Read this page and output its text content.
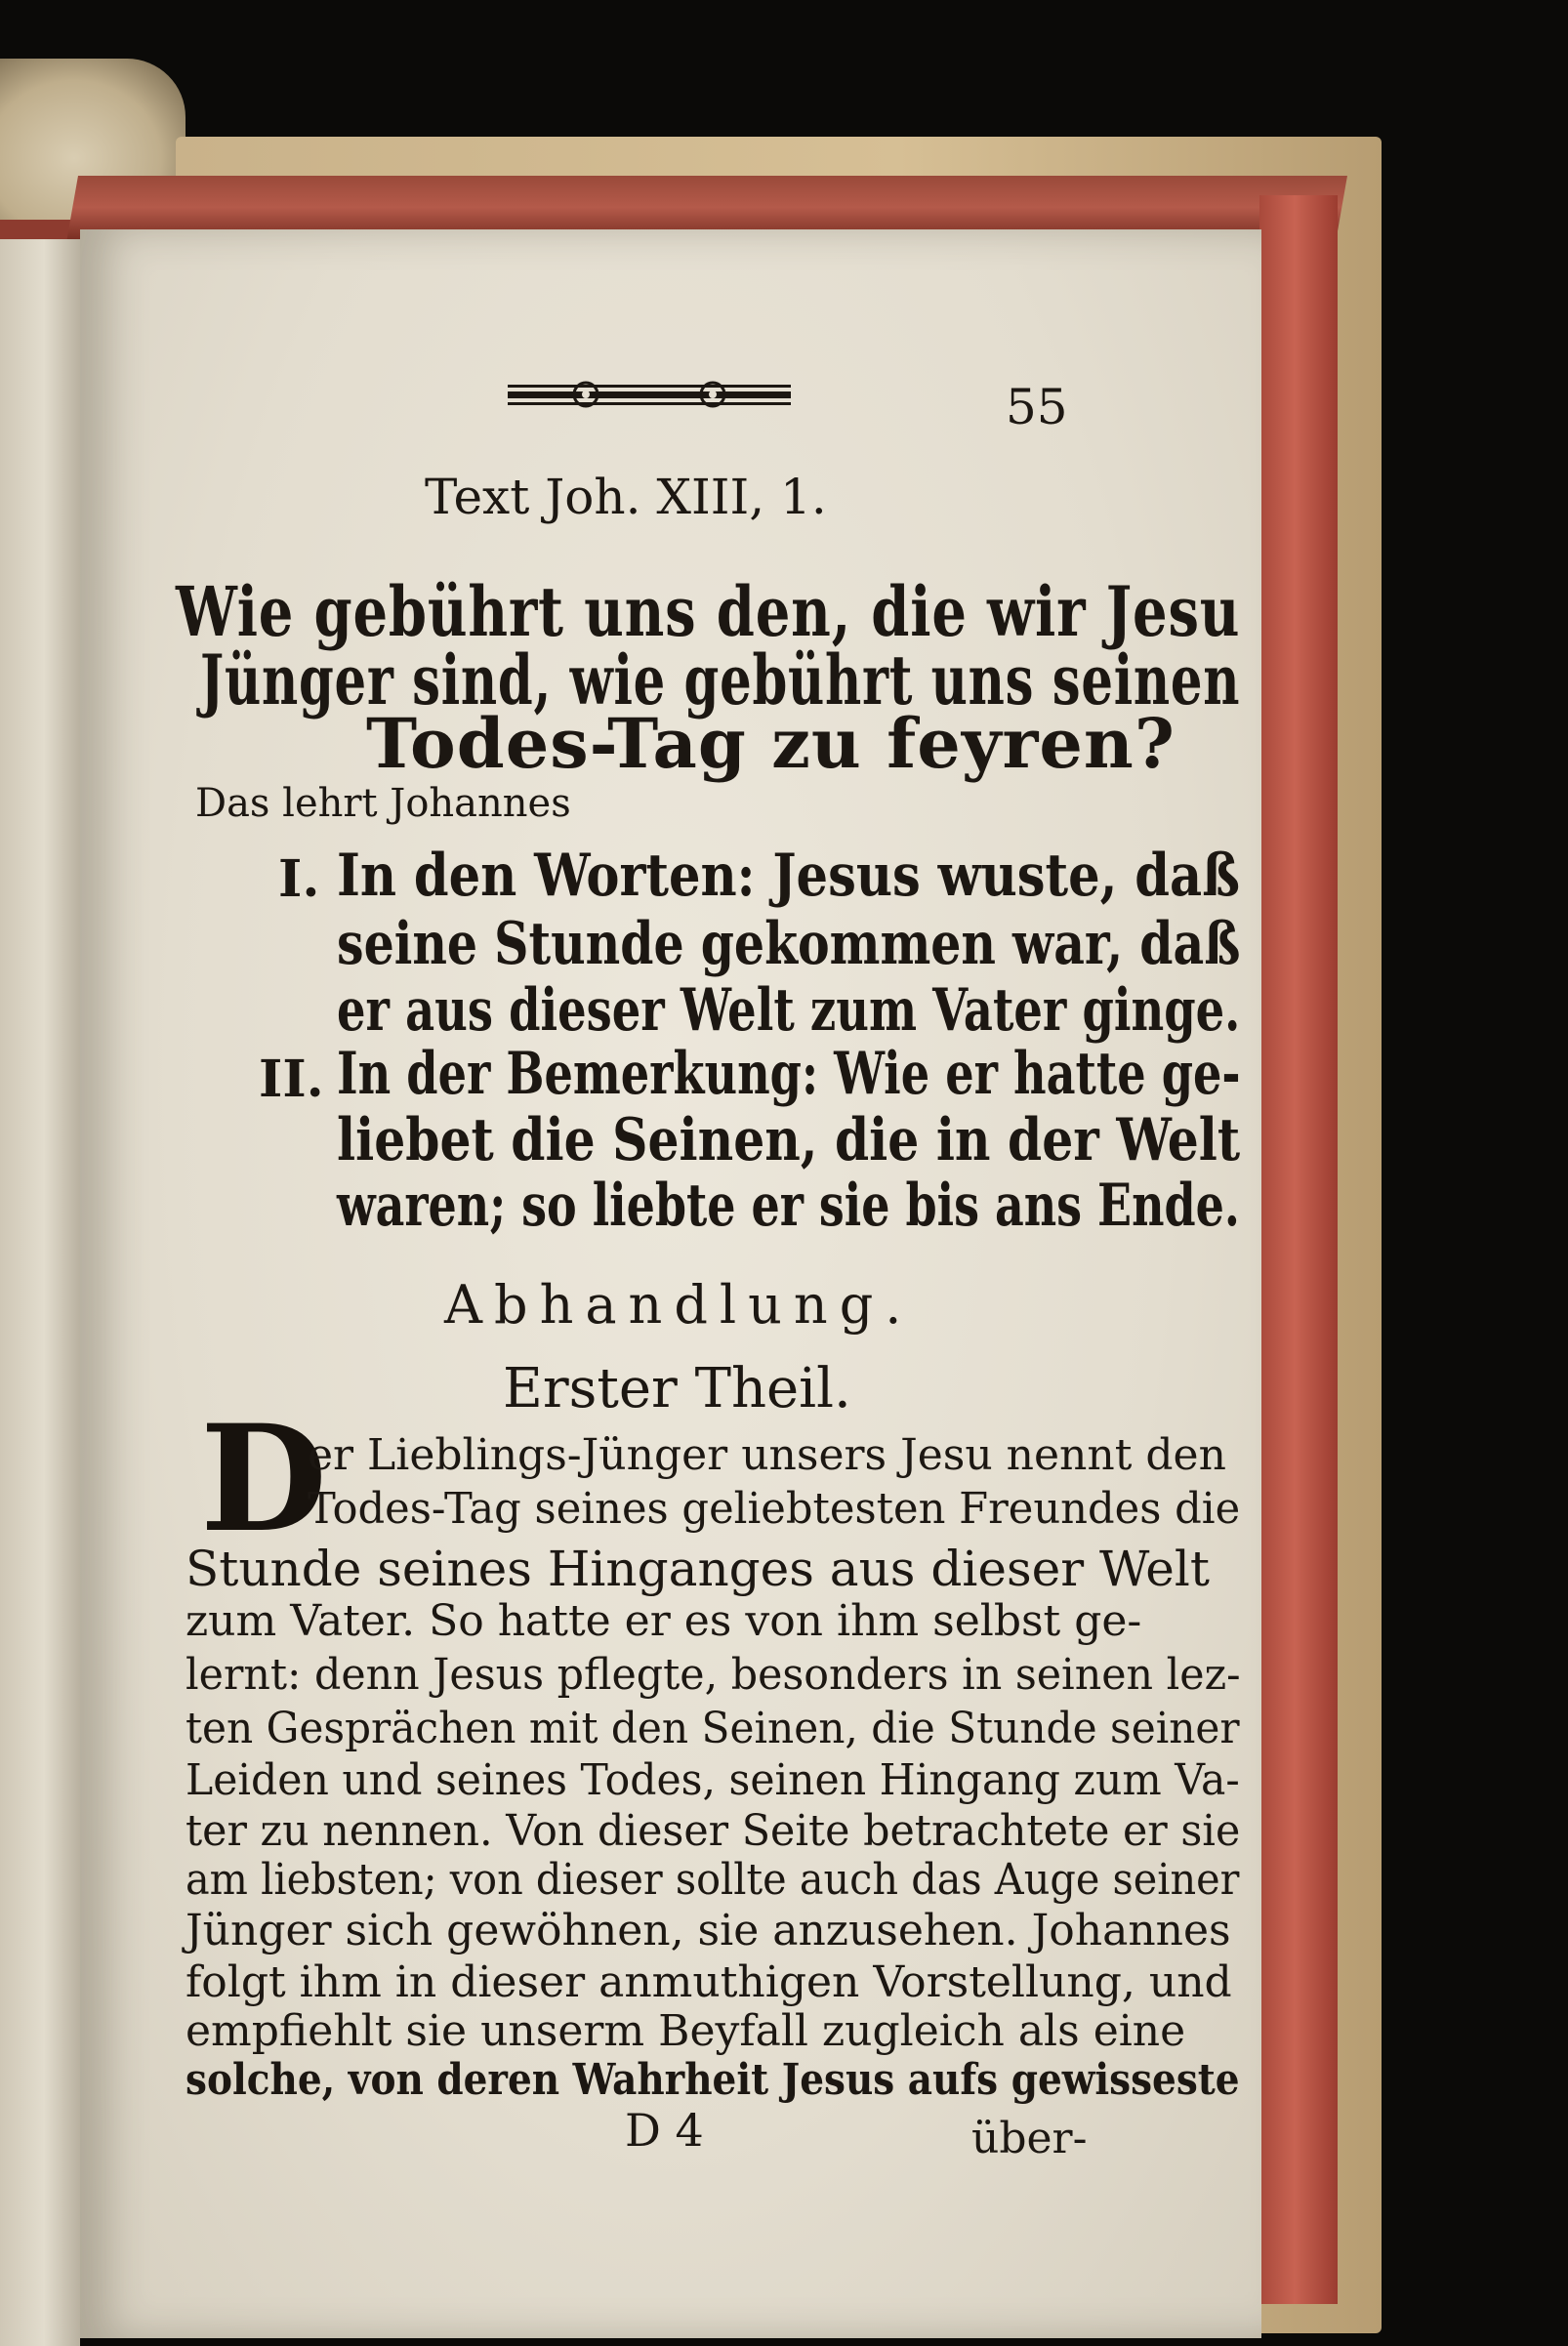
55
Text Joh. XIII, 1.
Wie gebührt uns den, die wir Jesu
Jünger sind, wie gebührt uns seinen
Todes-Tag zu feyren?
Das lehrt Johannes
I. In den Worten: Jesus wuste, daß
seine Stunde gekommen war, daß
er aus dieser Welt zum Vater ginge.
II. In der Bemerkung: Wie er hatte ge-
liebet die Seinen, die in der Welt
waren; so liebte er sie bis ans Ende.
Abhandlung.
Erster Theil.
D
er Lieblings-Jünger unsers Jesu nennt den
Todes-Tag seines geliebtesten Freundes die
Stunde seines Hinganges aus dieser Welt
zum Vater. So hatte er es von ihm selbst ge-
lernt: denn Jesus pflegte, besonders in seinen lez-
ten Gesprächen mit den Seinen, die Stunde seiner
Leiden und seines Todes, seinen Hingang zum Va-
ter zu nennen. Von dieser Seite betrachtete er sie
am liebsten; von dieser sollte auch das Auge seiner
Jünger sich gewöhnen, sie anzusehen. Johannes
folgt ihm in dieser anmuthigen Vorstellung, und
empfiehlt sie unserm Beyfall zugleich als eine
solche, von deren Wahrheit Jesus aufs gewisseste
D 4	über-
